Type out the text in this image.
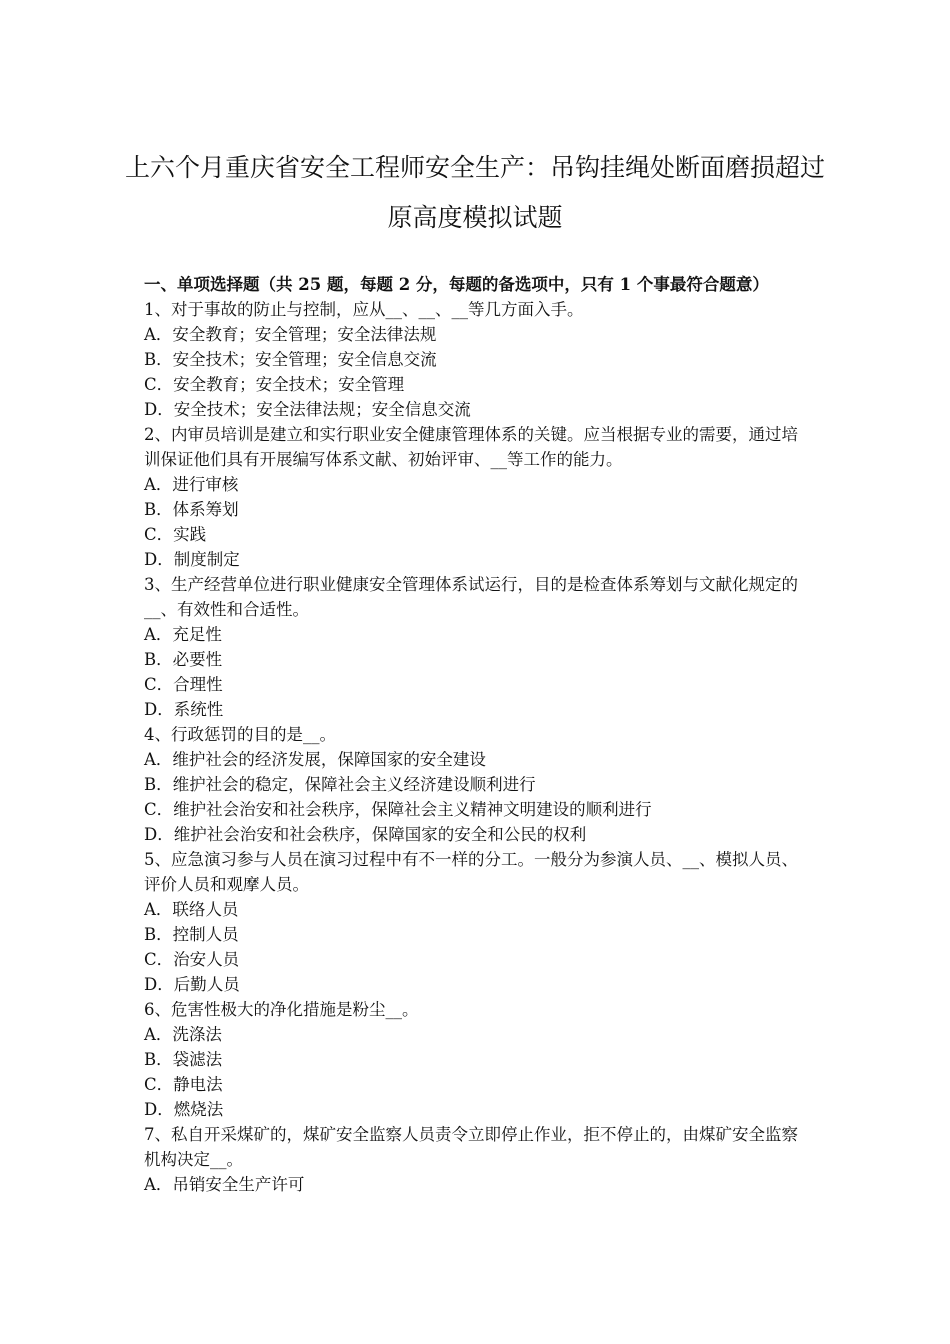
上六个月重庆省安全工程师安全生产：吊钩挂绳处断面磨损超过原高度模拟试题

一、单项选择题（共 25 题，每题 2 分，每题的备选项中，只有 1 个事最符合题意）

1、对于事故的防止与控制，应从__、__、__等几方面入手。

A．安全教育；安全管理；安全法律法规

B．安全技术；安全管理；安全信息交流

C．安全教育；安全技术；安全管理

D．安全技术；安全法律法规；安全信息交流

2、内审员培训是建立和实行职业安全健康管理体系的关键。应当根据专业的需要，通过培训保证他们具有开展编写体系文献、初始评审、__等工作的能力。

A．进行审核

B．体系筹划

C．实践

D．制度制定

3、生产经营单位进行职业健康安全管理体系试运行，目的是检查体系筹划与文献化规定的__、有效性和合适性。

A．充足性

B．必要性

C．合理性

D．系统性

4、行政惩罚的目的是__。

A．维护社会的经济发展，保障国家的安全建设

B．维护社会的稳定，保障社会主义经济建设顺利进行

C．维护社会治安和社会秩序，保障社会主义精神文明建设的顺利进行

D．维护社会治安和社会秩序，保障国家的安全和公民的权利

5、应急演习参与人员在演习过程中有不一样的分工。一般分为参演人员、__、模拟人员、评价人员和观摩人员。

A．联络人员

B．控制人员

C．治安人员

D．后勤人员

6、危害性极大的净化措施是粉尘__。

A．洗涤法

B．袋滤法

C．静电法

D．燃烧法

7、私自开采煤矿的，煤矿安全监察人员责令立即停止作业，拒不停止的，由煤矿安全监察机构决定__。

A．吊销安全生产许可
